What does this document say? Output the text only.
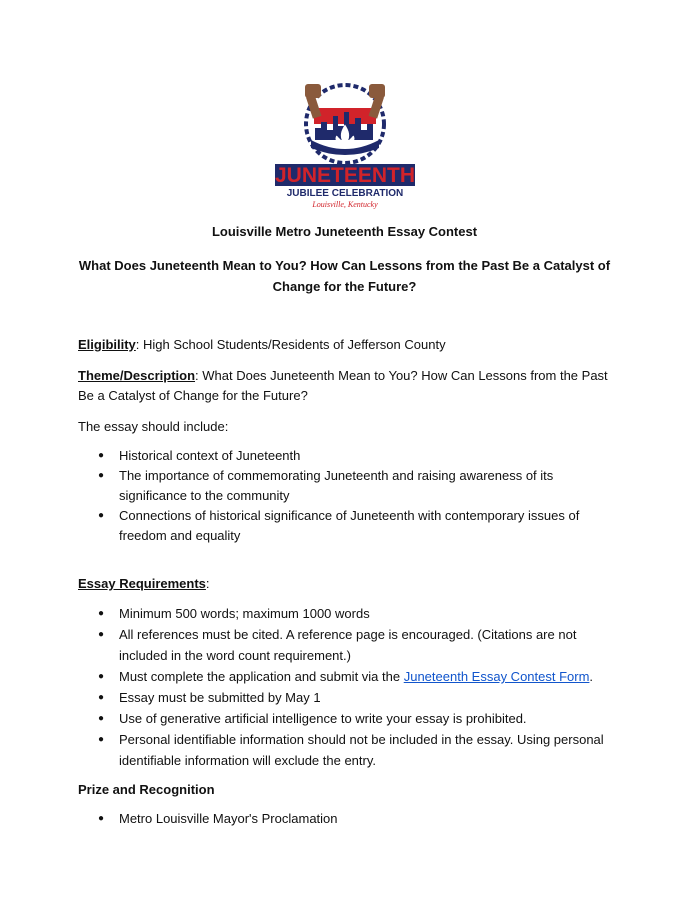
JUNETEENTH
JUBILEE CELEBRATION
Louisville, Kentucky
Louisville Metro Juneteenth Essay Contest
What Does Juneteenth Mean to You? How Can Lessons from the Past Be a Catalyst of Change for the Future?

Eligibility: High School Students/Residents of Jefferson County

Theme/Description: What Does Juneteenth Mean to You? How Can Lessons from the Past Be a Catalyst of Change for the Future?

The essay should include:

● Historical context of Juneteenth
● The importance of commemorating Juneteenth and raising awareness of its significance to the community
● Connections of historical significance of Juneteenth with contemporary issues of freedom and equality

Essay Requirements:

● Minimum 500 words; maximum 1000 words
● All references must be cited. A reference page is encouraged. (Citations are not included in the word count requirement.)
● Must complete the application and submit via the Juneteenth Essay Contest Form.
● Essay must be submitted by May 1
● Use of generative artificial intelligence to write your essay is prohibited.
● Personal identifiable information should not be included in the essay. Using personal identifiable information will exclude the entry.

Prize and Recognition

● Metro Louisville Mayor's Proclamation
